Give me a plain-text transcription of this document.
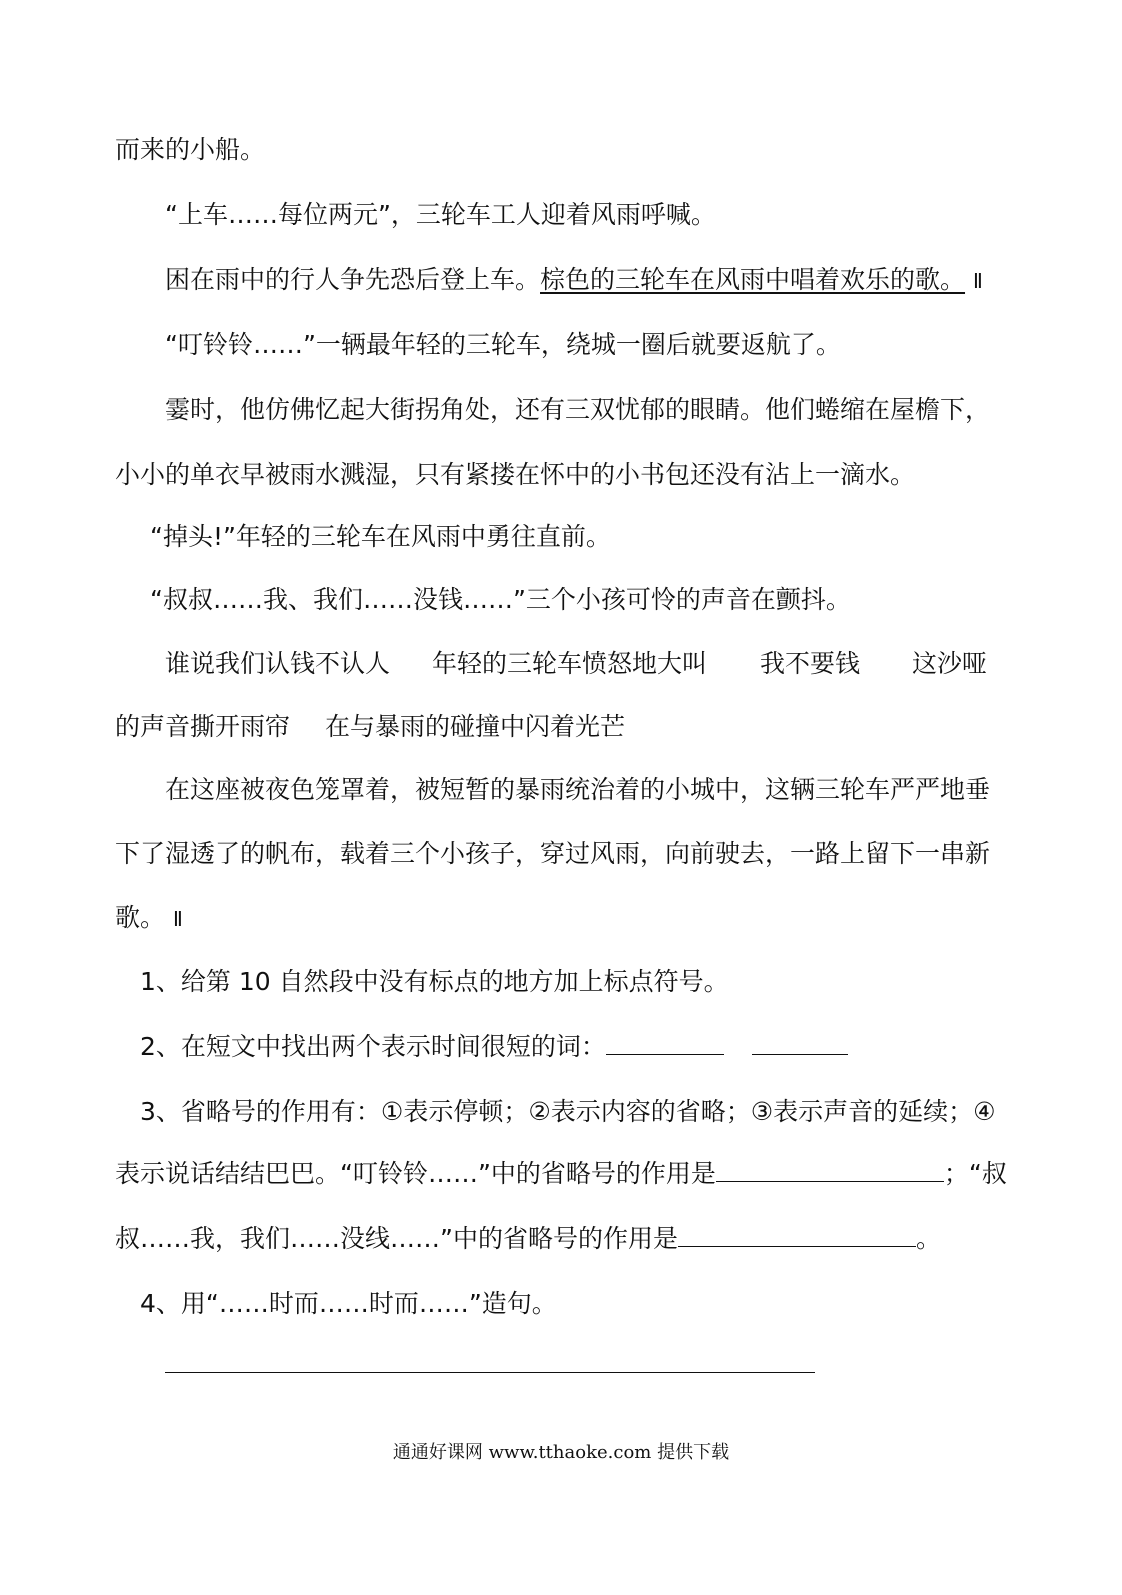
而来的小船。
“上车……每位两元”，三轮车工人迎着风雨呼喊。
困在雨中的行人争先恐后登上车。棕色的三轮车在风雨中唱着欢乐的歌。 Ⅱ
“叮铃铃……”一辆最年轻的三轮车，绕城一圈后就要返航了。
霎时，他仿佛忆起大街拐角处，还有三双忧郁的眼睛。他们蜷缩在屋檐下，
小小的单衣早被雨水溅湿，只有紧搂在怀中的小书包还没有沾上一滴水。
“掉头!”年轻的三轮车在风雨中勇往直前。
“叔叔……我、我们……没钱……”三个小孩可怜的声音在颤抖。
谁说我们认钱不认人 年轻的三轮车愤怒地大叫 我不要钱 这沙哑
的声音撕开雨帘 在与暴雨的碰撞中闪着光芒
在这座被夜色笼罩着，被短暂的暴雨统治着的小城中，这辆三轮车严严地垂
下了湿透了的帆布，载着三个小孩子，穿过风雨，向前驶去，一路上留下一串新
歌。 Ⅱ
1、给第 10 自然段中没有标点的地方加上标点符号。
2、在短文中找出两个表示时间很短的词：
3、省略号的作用有：①表示停顿；②表示内容的省略；③表示声音的延续；④
表示说话结结巴巴。“叮铃铃……”中的省略号的作用是	；“叔
叔……我，我们……没线……”中的省略号的作用是	。
4、用“……时而……时而……”造句。
通通好课网 www.tthaoke.com 提供下载
